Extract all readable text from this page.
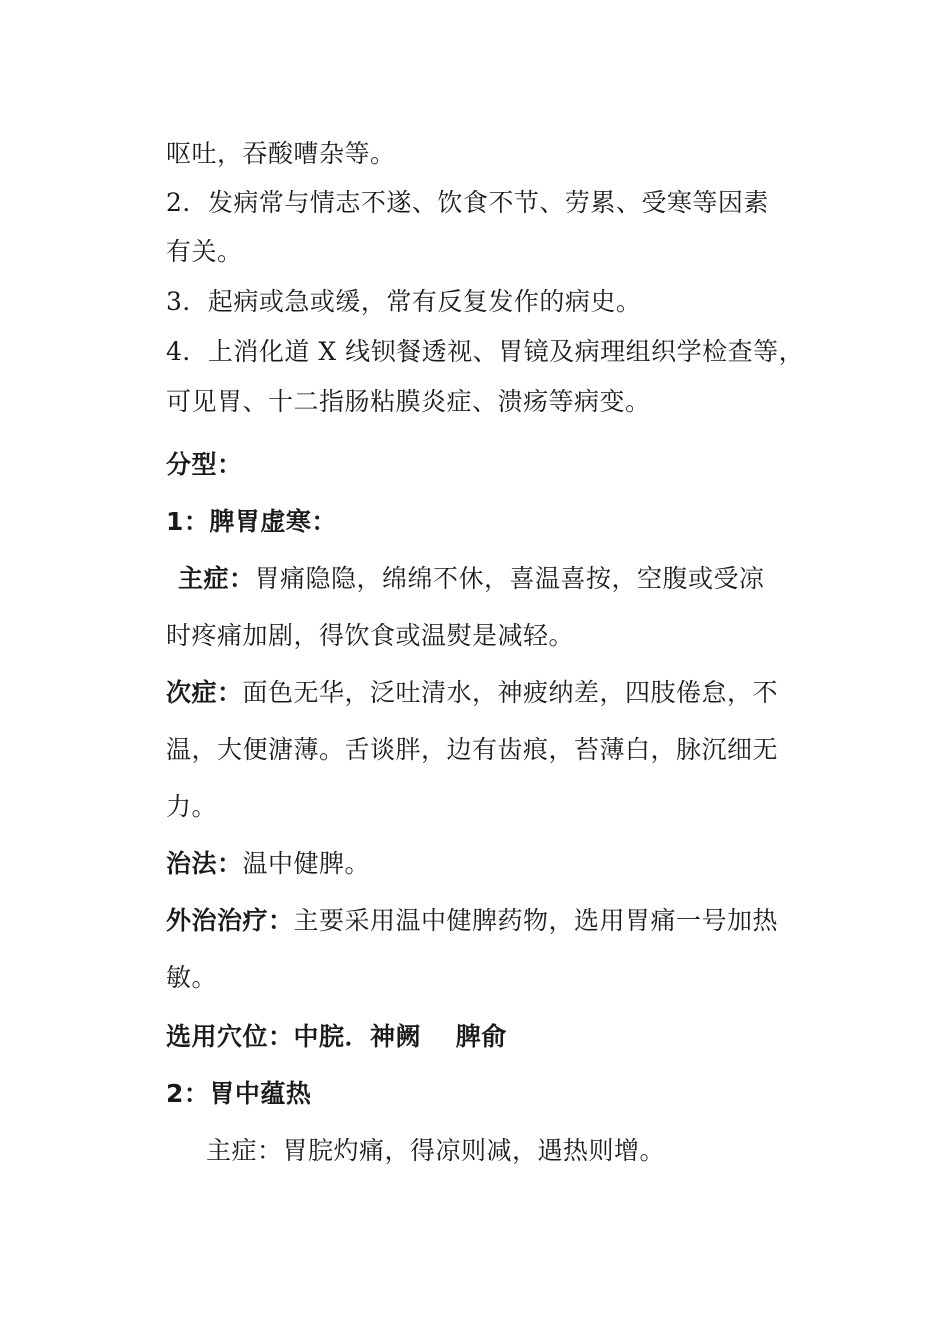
呕吐，吞酸嘈杂等。
2．发病常与情志不遂、饮食不节、劳累、受寒等因素
有关。
3．起病或急或缓，常有反复发作的病史。
4．上消化道 X 线钡餐透视、胃镜及病理组织学检查等，
可见胃、十二指肠粘膜炎症、溃疡等病变。
分型：
1：脾胃虚寒：
主症：胃痛隐隐，绵绵不休，喜温喜按，空腹或受凉
时疼痛加剧，得饮食或温熨是减轻。
次症：面色无华，泛吐清水，神疲纳差，四肢倦怠，不
温，大便溏薄。舌谈胖，边有齿痕，苔薄白，脉沉细无
力。
治法：温中健脾。
外治治疗：主要采用温中健脾药物，选用胃痛一号加热
敏。
选用穴位：中脘．神阙　 脾俞
2：胃中蕴热
主症：胃脘灼痛，得凉则减，遇热则增。
